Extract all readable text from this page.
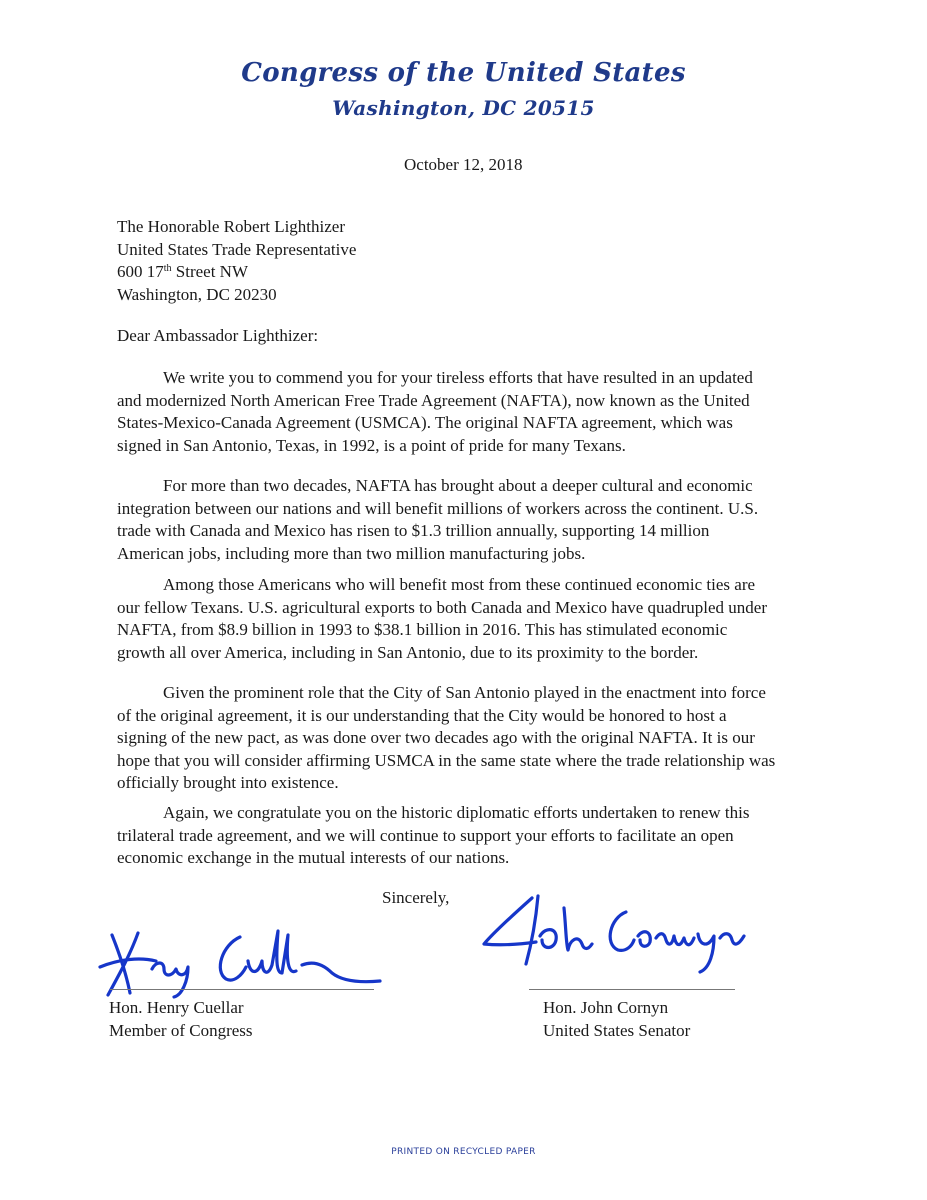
Congress of the United States
Washington, DC 20515
October 12, 2018
The Honorable Robert Lighthizer
United States Trade Representative
600 17th Street NW
Washington, DC 20230
Dear Ambassador Lighthizer:
We write you to commend you for your tireless efforts that have resulted in an updated
and modernized North American Free Trade Agreement (NAFTA), now known as the United
States-Mexico-Canada Agreement (USMCA). The original NAFTA agreement, which was
signed in San Antonio, Texas, in 1992, is a point of pride for many Texans.
For more than two decades, NAFTA has brought about a deeper cultural and economic
integration between our nations and will benefit millions of workers across the continent. U.S.
trade with Canada and Mexico has risen to $1.3 trillion annually, supporting 14 million
American jobs, including more than two million manufacturing jobs.
Among those Americans who will benefit most from these continued economic ties are
our fellow Texans. U.S. agricultural exports to both Canada and Mexico have quadrupled under
NAFTA, from $8.9 billion in 1993 to $38.1 billion in 2016. This has stimulated economic
growth all over America, including in San Antonio, due to its proximity to the border.
Given the prominent role that the City of San Antonio played in the enactment into force
of the original agreement, it is our understanding that the City would be honored to host a
signing of the new pact, as was done over two decades ago with the original NAFTA. It is our
hope that you will consider affirming USMCA in the same state where the trade relationship was
officially brought into existence.
Again, we congratulate you on the historic diplomatic efforts undertaken to renew this
trilateral trade agreement, and we will continue to support your efforts to facilitate an open
economic exchange in the mutual interests of our nations.
Sincerely,
Hon. Henry Cuellar
Member of Congress
Hon. John Cornyn
United States Senator
PRINTED ON RECYCLED PAPER
